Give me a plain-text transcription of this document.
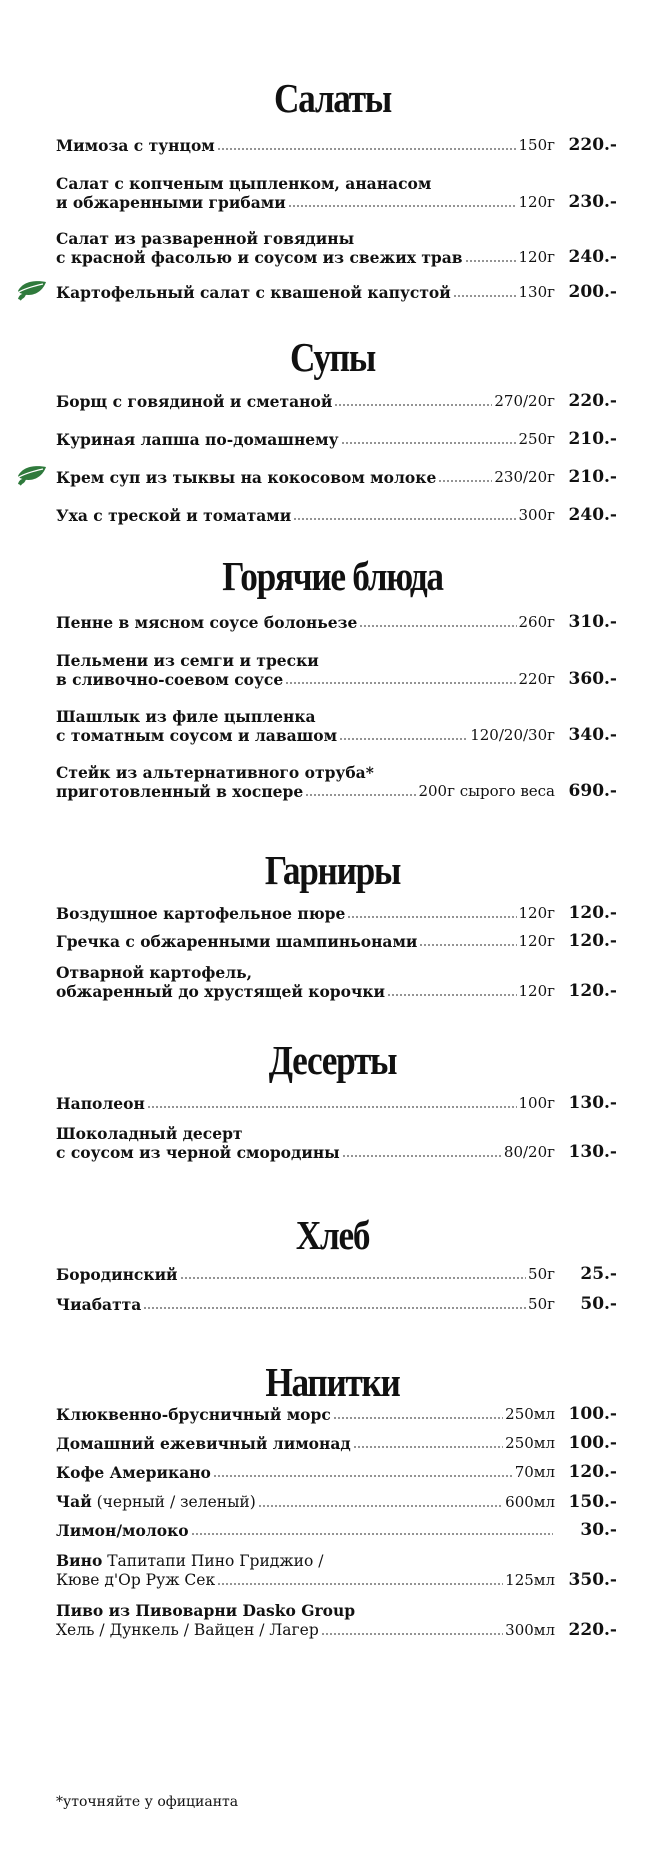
Салаты
Мимоза с тунцом	150г 220.-
Салат с копченым цыпленком, ананасом
и обжаренными грибами	120г 230.-
Салат из разваренной говядины
с красной фасолью и соусом из свежих трав	120г 240.-
Картофельный салат с квашеной капустой	130г 200.-
Супы
Борщ с говядиной и сметаной	270/20г 220.-
Куриная лапша по-домашнему	250г 210.-
Крем суп из тыквы на кокосовом молоке	230/20г 210.-
Уха с треской и томатами	300г 240.-
Горячие блюда
Пенне в мясном соусе болоньезе	260г 310.-
Пельмени из семги и трески
в сливочно-соевом соусе	220г 360.-
Шашлык из филе цыпленка
с томатным соусом и лавашом	120/20/30г 340.-
Стейк из альтернативного отруба*
приготовленный в хоспере	200г сырого веса 690.-
Гарниры
Воздушное картофельное пюре	120г 120.-
Гречка с обжаренными шампиньонами	120г 120.-
Отварной картофель,
обжаренный до хрустящей корочки	120г 120.-
Десерты
Наполеон	100г 130.-
Шоколадный десерт
с соусом из черной смородины	80/20г 130.-
Хлеб
Бородинский	50г	25.-
Чиабатта	50г	50.-
Напитки
Клюквенно-брусничный морс	250мл 100.-
Домашний ежевичный лимонад	250мл 100.-
Кофе Американо	70мл 120.-
Чай (черный / зеленый)	600мл 150.-
Лимон/молоко	30.-
Вино Тапитапи Пино Гриджио /
Кюве д'Ор Руж Сек	125мл 350.-
Пиво из Пивоварни Dasko Group
Хель / Дункель / Вайцен / Лагер	300мл 220.-
*уточняйте у официанта
